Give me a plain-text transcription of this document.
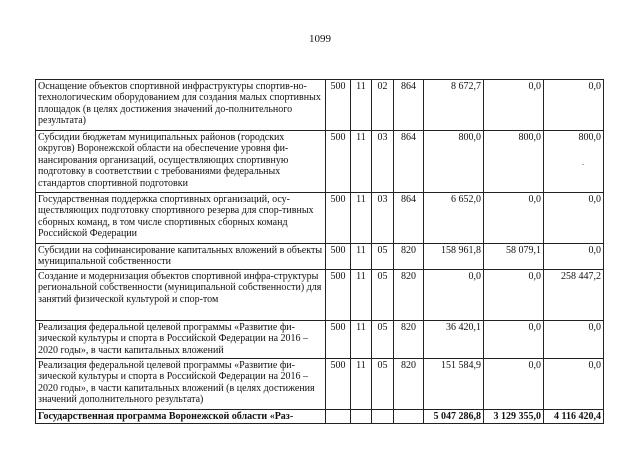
1099
Оснащение объектов спортивной инфраструктуры спортив-но-технологическим оборудованием для создания малых спортивных площадок (в целях достижения значений до-полнительного результата)	500	11	02	864	8 672,7	0,0	0,0
Субсидии бюджетам муниципальных районов (городских округов) Воронежской области на обеспечение уровня фи-нансирования организаций, осуществляющих спортивную подготовку в соответствии с требованиями федеральных стандартов спортивной подготовки	500	11	03	864	800,0	800,0	800,0
Государственная поддержка спортивных организаций, осу-ществляющих подготовку спортивного резерва для спор-тивных сборных команд, в том числе спортивных сборных команд Российской Федерации	500	11	03	864	6 652,0	0,0	0,0
Субсидии на софинансирование капитальных вложений в объекты муниципальной собственности	500	11	05	820	158 961,8	58 079,1	0,0
Создание и модернизация объектов спортивной инфра-структуры региональной собственности (муниципальной собственности) для занятий физической культурой и спор-том	500	11	05	820	0,0	0,0	258 447,2
Реализация федеральной целевой программы «Развитие фи-зической культуры и спорта в Российской Федерации на 2016 – 2020 годы», в части капитальных вложений	500	11	05	820	36 420,1	0,0	0,0
Реализация федеральной целевой программы «Развитие фи-зической культуры и спорта в Российской Федерации на 2016 – 2020 годы», в части капитальных вложений (в целях достижения значений дополнительного результата)	500	11	05	820	151 584,9	0,0	0,0
Государственная программа Воронежской области «Раз-					5 047 286,8	3 129 355,0	4 116 420,4
.
